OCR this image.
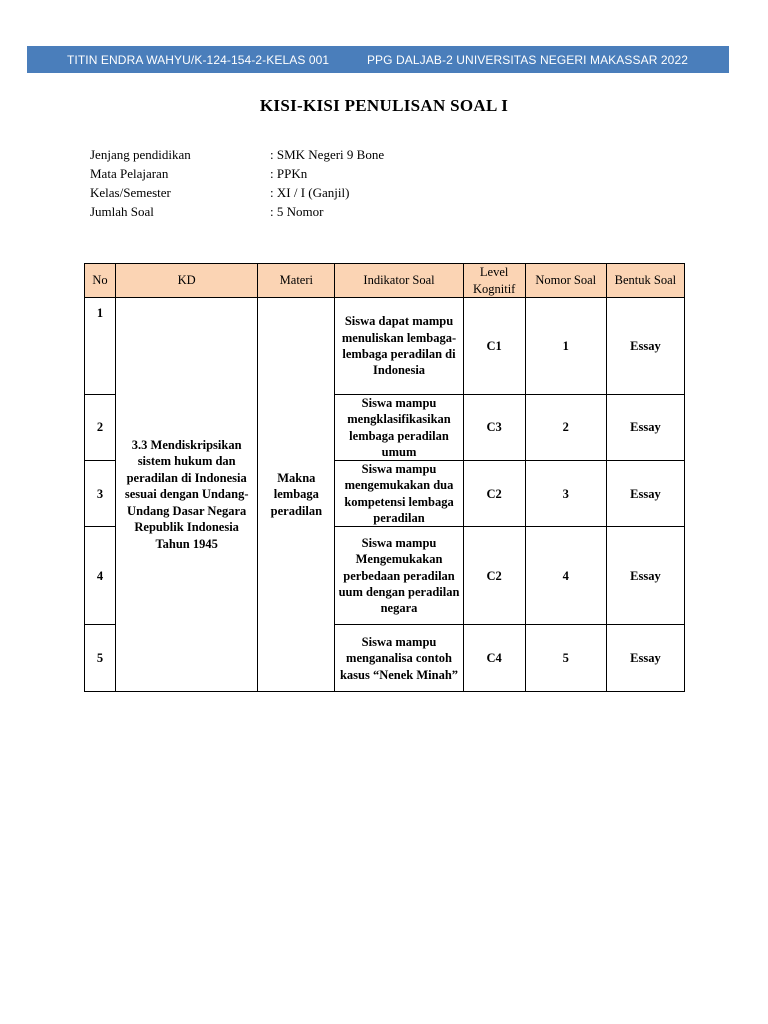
TITIN ENDRA WAHYU/K-124-154-2-KELAS 001	PPG DALJAB-2 UNIVERSITAS NEGERI MAKASSAR 2022
KISI-KISI PENULISAN SOAL I
Jenjang pendidikan	: SMK Negeri 9 Bone
Mata Pelajaran	: PPKn
Kelas/Semester	: XI / I (Ganjil)
Jumlah Soal	: 5 Nomor
No	KD	Materi	Indikator Soal	Level Kognitif	Nomor Soal	Bentuk Soal
1	3.3 Mendiskripsikan sistem hukum dan peradilan di Indonesia sesuai dengan Undang-Undang Dasar Negara Republik Indonesia Tahun 1945	Makna lembaga peradilan	Siswa dapat mampu menuliskan lembaga-lembaga peradilan di Indonesia	C1	1	Essay
2			Siswa mampu mengklasifikasikan lembaga peradilan umum	C3	2	Essay
3			Siswa mampu mengemukakan dua kompetensi lembaga peradilan	C2	3	Essay
4			Siswa mampu Mengemukakan perbedaan peradilan uum dengan peradilan negara	C2	4	Essay
5			Siswa mampu menganalisa contoh kasus “Nenek Minah”	C4	5	Essay
